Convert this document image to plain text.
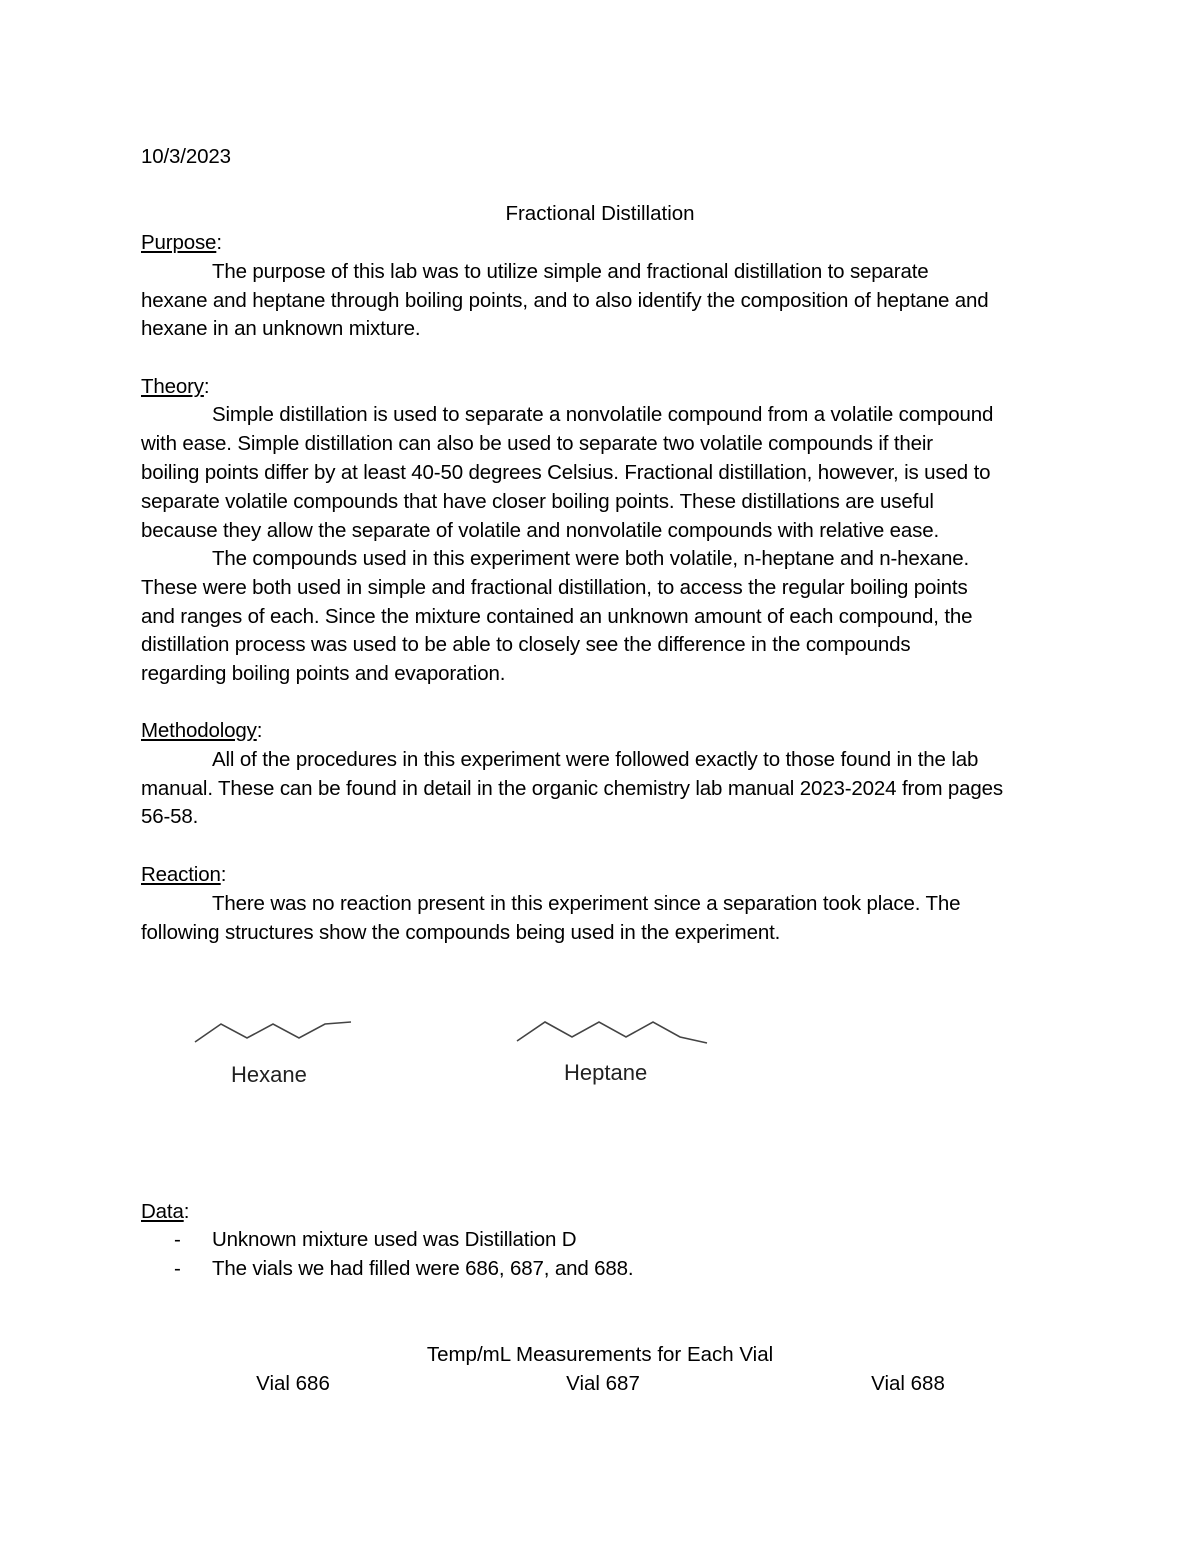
10/3/2023
Fractional Distillation
Purpose:
The purpose of this lab was to utilize simple and fractional distillation to separate
hexane and heptane through boiling points, and to also identify the composition of heptane and
hexane in an unknown mixture.
Theory:
Simple distillation is used to separate a nonvolatile compound from a volatile compound
with ease. Simple distillation can also be used to separate two volatile compounds if their
boiling points differ by at least 40-50 degrees Celsius. Fractional distillation, however, is used to
separate volatile compounds that have closer boiling points. These distillations are useful
because they allow the separate of volatile and nonvolatile compounds with relative ease.
The compounds used in this experiment were both volatile, n-heptane and n-hexane.
These were both used in simple and fractional distillation, to access the regular boiling points
and ranges of each. Since the mixture contained an unknown amount of each compound, the
distillation process was used to be able to closely see the difference in the compounds
regarding boiling points and evaporation.
Methodology:
All of the procedures in this experiment were followed exactly to those found in the lab
manual. These can be found in detail in the organic chemistry lab manual 2023-2024 from pages
56-58.
Reaction:
There was no reaction present in this experiment since a separation took place. The
following structures show the compounds being used in the experiment.
Hexane	Heptane
Data:
- Unknown mixture used was Distillation D
- The vials we had filled were 686, 687, and 688.
Temp/mL Measurements for Each Vial
Vial 686	Vial 687	Vial 688
